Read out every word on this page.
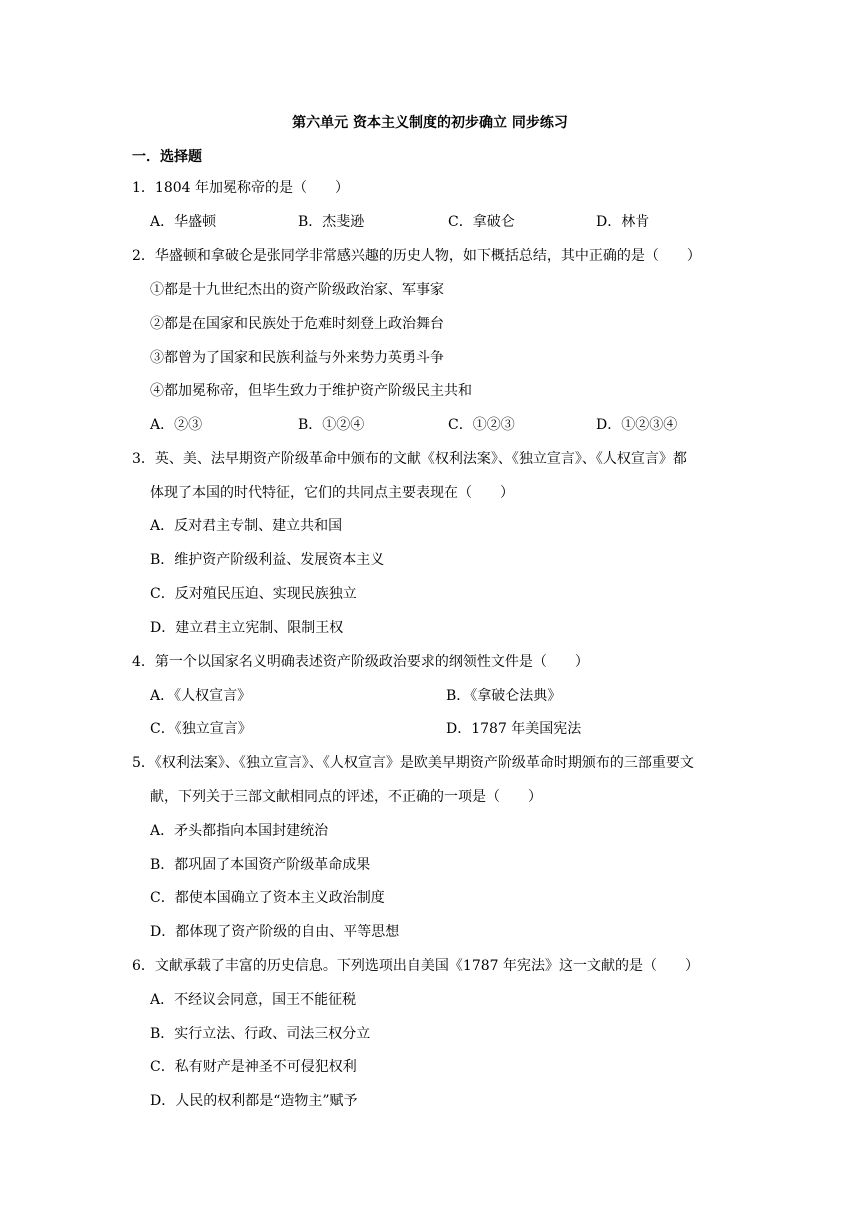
第六单元 资本主义制度的初步确立 同步练习
一．选择题
1．1804 年加冕称帝的是（　　）
A．华盛顿	B．杰斐逊	C．拿破仑	D．林肯
2．华盛顿和拿破仑是张同学非常感兴趣的历史人物，如下概括总结，其中正确的是（　　）
①都是十九世纪杰出的资产阶级政治家、军事家
②都是在国家和民族处于危难时刻登上政治舞台
③都曾为了国家和民族利益与外来势力英勇斗争
④都加冕称帝，但毕生致力于维护资产阶级民主共和
A．②③	B．①②④	C．①②③	D．①②③④
3．英、美、法早期资产阶级革命中颁布的文献《权利法案》、《独立宣言》、《人权宣言》都
体现了本国的时代特征，它们的共同点主要表现在（　　）
A．反对君主专制、建立共和国
B．维护资产阶级利益、发展资本主义
C．反对殖民压迫、实现民族独立
D．建立君主立宪制、限制王权
4．第一个以国家名义明确表述资产阶级政治要求的纲领性文件是（　　）
A．《人权宣言》	B．《拿破仑法典》
C．《独立宣言》	D．1787 年美国宪法
5．《权利法案》、《独立宣言》、《人权宣言》是欧美早期资产阶级革命时期颁布的三部重要文
献，下列关于三部文献相同点的评述，不正确的一项是（　　）
A．矛头都指向本国封建统治
B．都巩固了本国资产阶级革命成果
C．都使本国确立了资本主义政治制度
D．都体现了资产阶级的自由、平等思想
6．文献承载了丰富的历史信息。下列选项出自美国《1787 年宪法》这一文献的是（　　）
A．不经议会同意，国王不能征税
B．实行立法、行政、司法三权分立
C．私有财产是神圣不可侵犯权利
D．人民的权利都是“造物主”赋予
